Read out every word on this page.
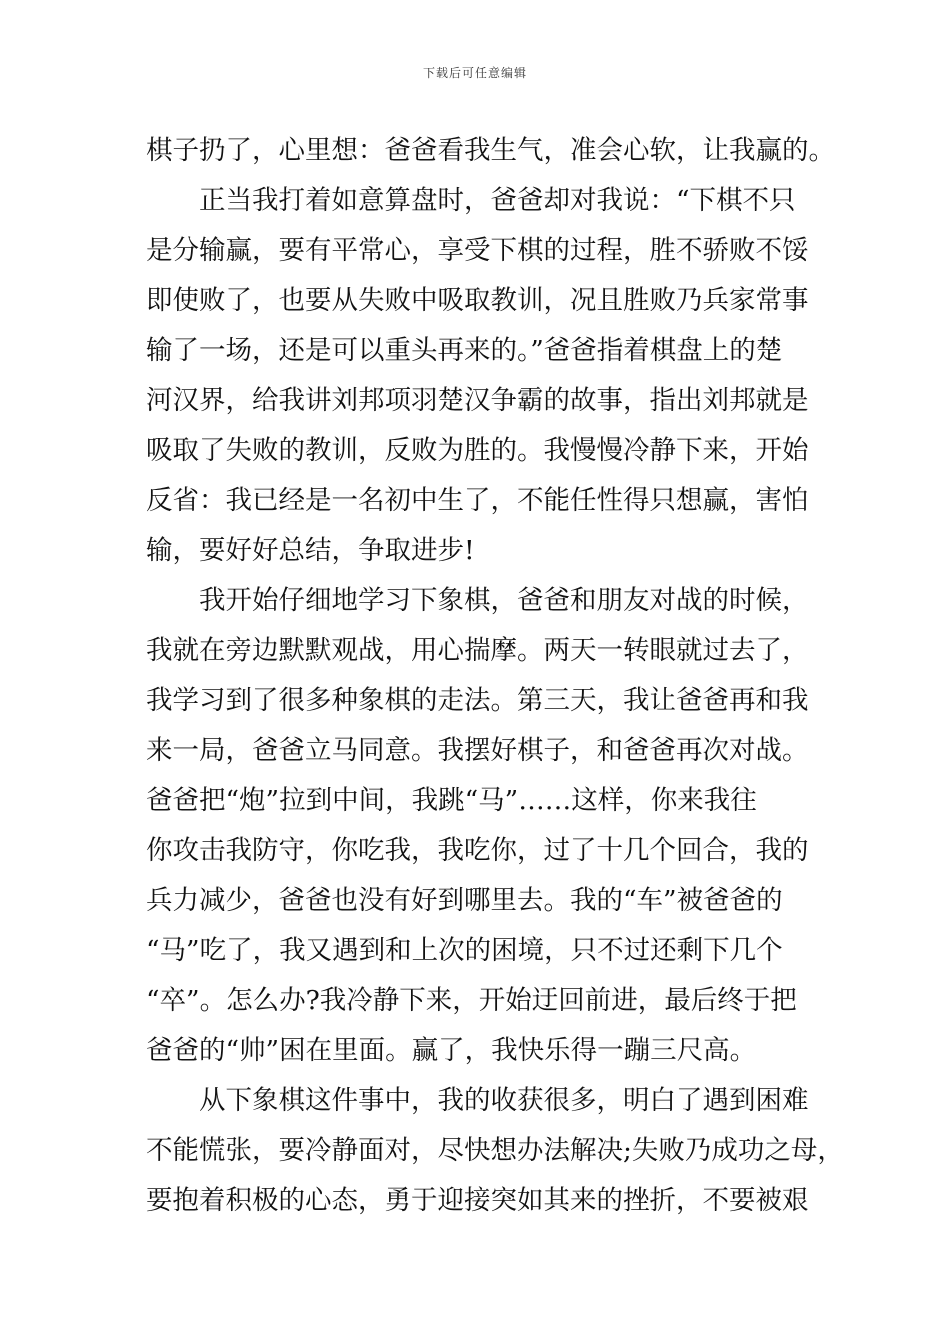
下载后可任意编辑
棋子扔了，心里想：爸爸看我生气，准会心软，让我赢的。
正当我打着如意算盘时，爸爸却对我说：“下棋不只
是分输赢，要有平常心，享受下棋的过程，胜不骄败不馁
即使败了，也要从失败中吸取教训，况且胜败乃兵家常事
输了一场，还是可以重头再来的。”爸爸指着棋盘上的楚
河汉界，给我讲刘邦项羽楚汉争霸的故事，指出刘邦就是
吸取了失败的教训，反败为胜的。我慢慢冷静下来，开始
反省：我已经是一名初中生了，不能任性得只想赢，害怕
输，要好好总结，争取进步!
我开始仔细地学习下象棋，爸爸和朋友对战的时候，
我就在旁边默默观战，用心揣摩。两天一转眼就过去了，
我学习到了很多种象棋的走法。第三天，我让爸爸再和我
来一局，爸爸立马同意。我摆好棋子，和爸爸再次对战。
爸爸把“炮”拉到中间，我跳“马”……这样，你来我往
你攻击我防守，你吃我，我吃你，过了十几个回合，我的
兵力减少，爸爸也没有好到哪里去。我的“车”被爸爸的
“马”吃了，我又遇到和上次的困境，只不过还剩下几个
“卒”。怎么办?我冷静下来，开始迂回前进，最后终于把
爸爸的“帅”困在里面。赢了，我快乐得一蹦三尺高。
从下象棋这件事中，我的收获很多，明白了遇到困难
不能慌张，要冷静面对，尽快想办法解决;失败乃成功之母，
要抱着积极的心态，勇于迎接突如其来的挫折，不要被艰
